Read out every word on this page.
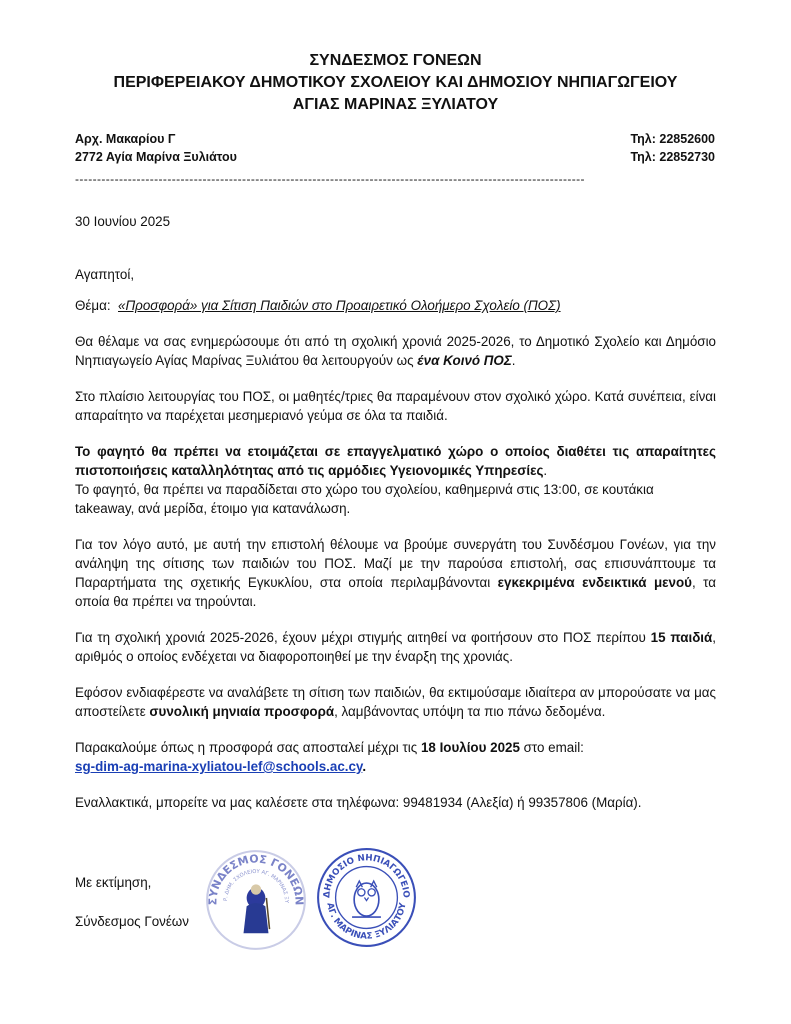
ΣΥΝΔΕΣΜΟΣ ΓΟΝΕΩΝ
ΠΕΡΙΦΕΡΕΙΑΚΟΥ ΔΗΜΟΤΙΚΟΥ ΣΧΟΛΕΙΟΥ ΚΑΙ ΔΗΜΟΣΙΟΥ ΝΗΠΙΑΓΩΓΕΙΟΥ
ΑΓΙΑΣ ΜΑΡΙΝΑΣ ΞΥΛΙΑΤΟΥ
Αρχ. Μακαρίου Γ	Τηλ: 22852600
2772 Αγία Μαρίνα Ξυλιάτου	Τηλ: 22852730
--------------------------------------------------------------------------------------------------------------------

30 Ιουνίου 2025

Αγαπητοί,

Θέμα: «Προσφορά» για Σίτιση Παιδιών στο Προαιρετικό Ολοήμερο Σχολείο (ΠΟΣ)

Θα θέλαμε να σας ενημερώσουμε ότι από τη σχολική χρονιά 2025-2026, το Δημοτικό Σχολείο και Δημόσιο Νηπιαγωγείο Αγίας Μαρίνας Ξυλιάτου θα λειτουργούν ως ένα Κοινό ΠΟΣ.

Στο πλαίσιο λειτουργίας του ΠΟΣ, οι μαθητές/τριες θα παραμένουν στον σχολικό χώρο. Κατά συνέπεια, είναι απαραίτητο να παρέχεται μεσημεριανό γεύμα σε όλα τα παιδιά.

Το φαγητό θα πρέπει να ετοιμάζεται σε επαγγελματικό χώρο ο οποίος διαθέτει τις απαραίτητες πιστοποιήσεις καταλληλότητας από τις αρμόδιες Υγειονομικές Υπηρεσίες.

Το φαγητό, θα πρέπει να παραδίδεται στο χώρο του σχολείου, καθημερινά στις 13:00, σε κουτάκια takeaway, ανά μερίδα, έτοιμο για κατανάλωση.

Για τον λόγο αυτό, με αυτή την επιστολή θέλουμε να βρούμε συνεργάτη του Συνδέσμου Γονέων, για την ανάληψη της σίτισης των παιδιών του ΠΟΣ. Μαζί με την παρούσα επιστολή, σας επισυνάπτουμε τα Παραρτήματα της σχετικής Εγκυκλίου, στα οποία περιλαμβάνονται εγκεκριμένα ενδεικτικά μενού, τα οποία θα πρέπει να τηρούνται.

Για τη σχολική χρονιά 2025-2026, έχουν μέχρι στιγμής αιτηθεί να φοιτήσουν στο ΠΟΣ περίπου 15 παιδιά, αριθμός ο οποίος ενδέχεται να διαφοροποιηθεί με την έναρξη της χρονιάς.

Εφόσον ενδιαφέρεστε να αναλάβετε τη σίτιση των παιδιών, θα εκτιμούσαμε ιδιαίτερα αν μπορούσατε να μας αποστείλετε συνολική μηνιαία προσφορά, λαμβάνοντας υπόψη τα πιο πάνω δεδομένα.

Παρακαλούμε όπως η προσφορά σας αποσταλεί μέχρι τις 18 Ιουλίου 2025 στο email:
sg-dim-ag-marina-xyliatou-lef@schools.ac.cy.

Εναλλακτικά, μπορείτε να μας καλέσετε στα τηλέφωνα: 99481934 (Αλεξία) ή 99357806 (Μαρία).

Με εκτίμηση,
Σύνδεσμος Γονέων
ΣΥΝΔΕΣΜΟΣ ΓΟΝΕΩΝ
Ρ. ΔΗΜ. ΣΧΟΛΕΙΟΥ ΑΓ. ΜΑΡΙΝΑΣ ΞΥ
ΔΗΜΟΣΙΟ ΝΗΠΙΑΓΩΓΕΙΟ
ΑΓ. ΜΑΡΙΝΑΣ ΞΥΛΙΑΤΟΥ
